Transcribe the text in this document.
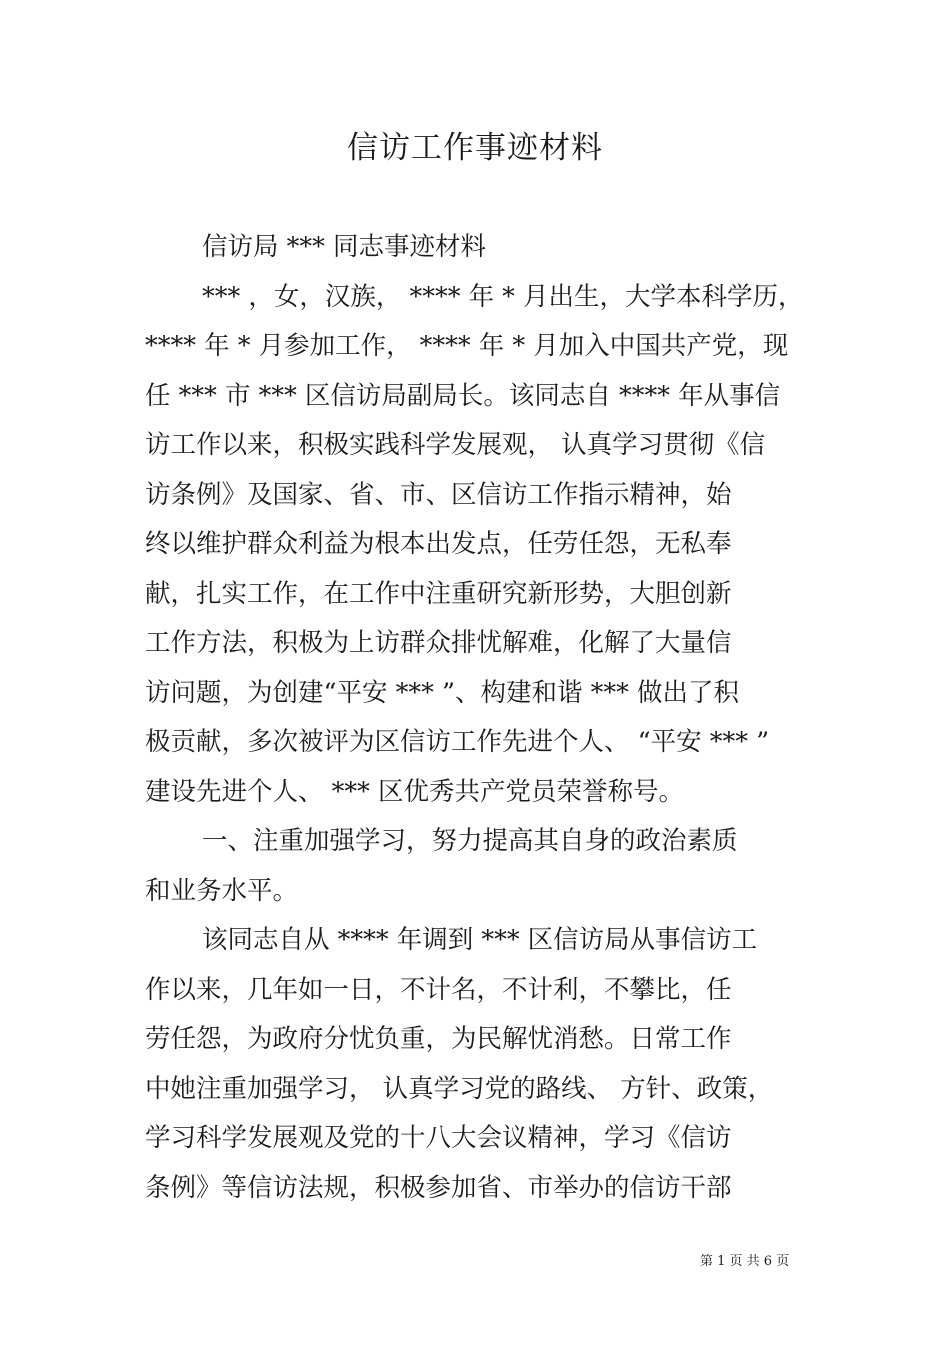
信访工作事迹材料
信访局 *** 同志事迹材料
*** ，女，汉族， **** 年 * 月出生，大学本科学历，
**** 年 * 月参加工作， **** 年 * 月加入中国共产党，现
任 *** 市 *** 区信访局副局长。该同志自 **** 年从事信
访工作以来，积极实践科学发展观， 认真学习贯彻《信
访条例》及国家、省、市、区信访工作指示精神，始
终以维护群众利益为根本出发点，任劳任怨，无私奉
献，扎实工作，在工作中注重研究新形势，大胆创新
工作方法，积极为上访群众排忧解难，化解了大量信
访问题，为创建“平安 *** ”、构建和谐 *** 做出了积
极贡献，多次被评为区信访工作先进个人、 “平安 *** ”
建设先进个人、 *** 区优秀共产党员荣誉称号。
一、注重加强学习，努力提高其自身的政治素质
和业务水平。
该同志自从 **** 年调到 *** 区信访局从事信访工
作以来，几年如一日，不计名，不计利，不攀比，任
劳任怨，为政府分忧负重，为民解忧消愁。日常工作
中她注重加强学习， 认真学习党的路线、 方针、政策，
学习科学发展观及党的十八大会议精神，学习《信访
条例》等信访法规，积极参加省、市举办的信访干部
第 1 页 共 6 页
